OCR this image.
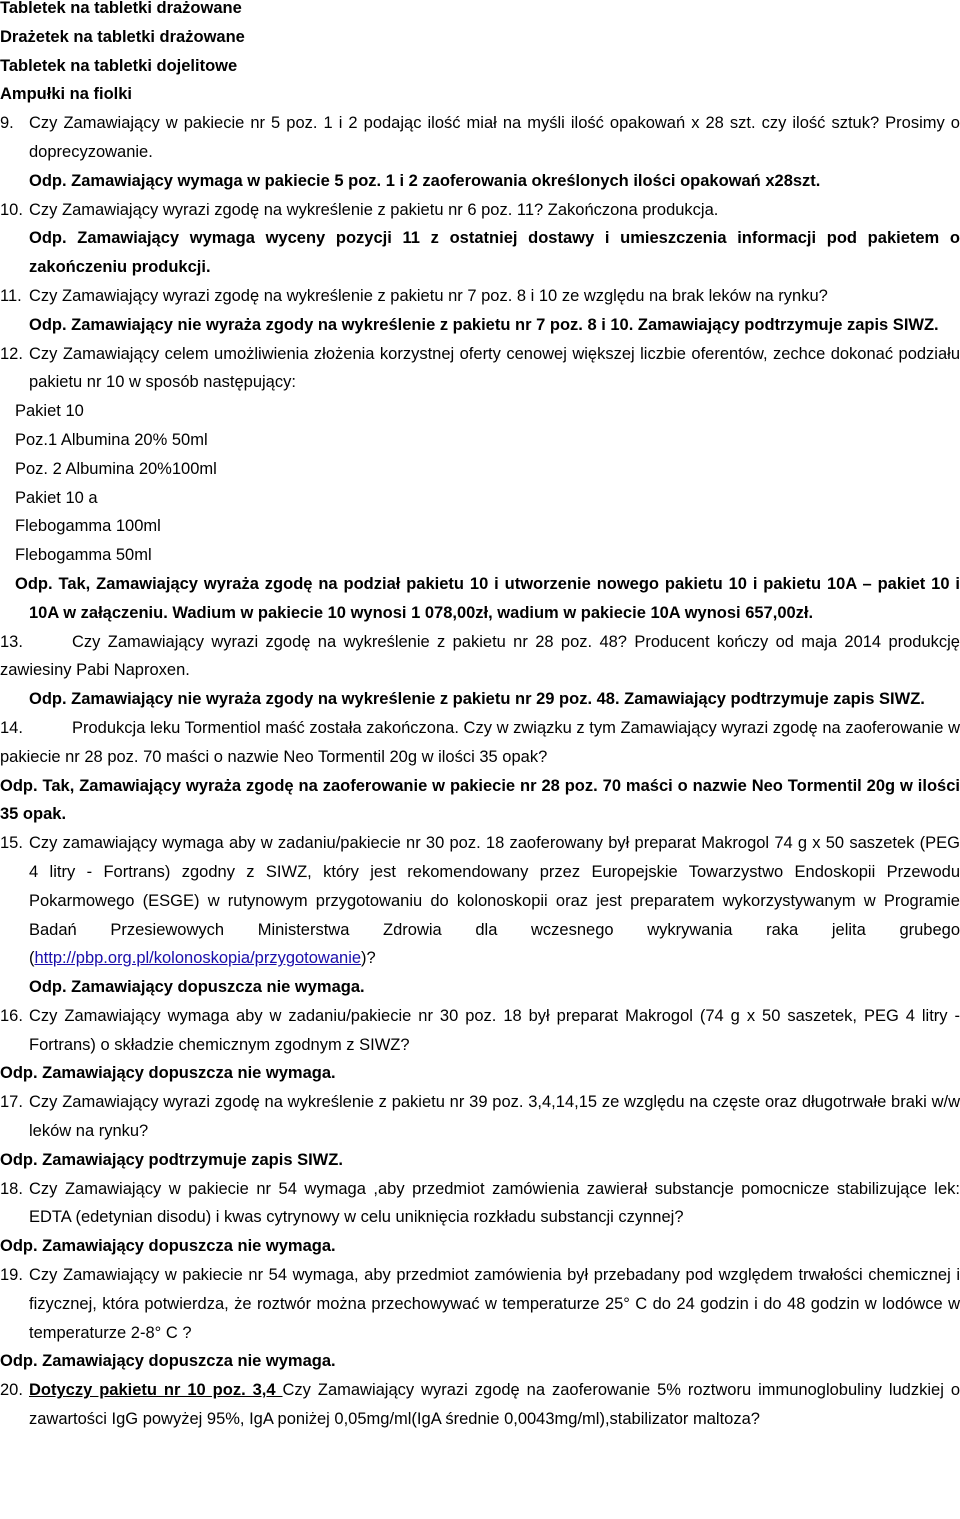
Tabletek na tabletki drażowane

Drażetek na tabletki drażowane

Tabletek na tabletki dojelitowe

Ampułki na fiolki

9. Czy Zamawiający w pakiecie nr 5 poz. 1 i 2 podając ilość miał na myśli ilość opakowań x 28 szt. czy ilość sztuk? Prosimy o doprecyzowanie.

Odp. Zamawiający wymaga w pakiecie 5 poz. 1 i 2 zaoferowania określonych ilości opakowań x28szt.

10. Czy Zamawiający wyrazi zgodę na wykreślenie z pakietu nr 6 poz. 11? Zakończona produkcja.

Odp. Zamawiający wymaga wyceny pozycji 11 z ostatniej dostawy i umieszczenia informacji pod pakietem o zakończeniu produkcji.

11. Czy Zamawiający wyrazi zgodę na wykreślenie z pakietu nr 7 poz. 8 i 10 ze względu na brak leków na rynku?

Odp. Zamawiający nie wyraża zgody na wykreślenie z pakietu nr 7 poz. 8 i 10. Zamawiający podtrzymuje zapis SIWZ.

12. Czy Zamawiający celem umożliwienia złożenia korzystnej oferty cenowej większej liczbie oferentów, zechce dokonać podziału pakietu nr 10 w sposób następujący:

Pakiet 10

Poz.1 Albumina 20% 50ml

Poz. 2 Albumina 20%100ml

Pakiet 10 a

Flebogamma 100ml

Flebogamma 50ml

Odp. Tak, Zamawiający wyraża zgodę na podział pakietu 10 i utworzenie nowego pakietu 10 i pakietu 10A – pakiet 10 i 10A w załączeniu. Wadium w pakiecie 10 wynosi 1 078,00zł, wadium w pakiecie 10A wynosi 657,00zł.

13.	Czy Zamawiający wyrazi zgodę na wykreślenie z pakietu nr 28 poz. 48? Producent kończy od maja 2014 produkcję zawiesiny Pabi Naproxen.

Odp. Zamawiający nie wyraża zgody na wykreślenie z pakietu nr 29 poz. 48. Zamawiający podtrzymuje zapis SIWZ.

14.	Produkcja leku Tormentiol maść została zakończona. Czy w związku z tym Zamawiający wyrazi zgodę na zaoferowanie w pakiecie nr 28 poz. 70 maści o nazwie Neo Tormentil 20g w ilości 35 opak?

Odp. Tak, Zamawiający wyraża zgodę na zaoferowanie w pakiecie nr 28 poz. 70 maści o nazwie Neo Tormentil 20g w ilości 35 opak.

15. Czy zamawiający wymaga aby w zadaniu/pakiecie nr 30 poz. 18 zaoferowany był preparat Makrogol 74 g x 50 saszetek (PEG 4 litry - Fortrans) zgodny z SIWZ, który jest rekomendowany przez Europejskie Towarzystwo Endoskopii Przewodu Pokarmowego (ESGE) w rutynowym przygotowaniu do kolonoskopii oraz jest preparatem wykorzystywanym w Programie Badań Przesiewowych Ministerstwa Zdrowia dla wczesnego wykrywania raka jelita grubego (http://pbp.org.pl/kolonoskopia/przygotowanie)?

Odp. Zamawiający dopuszcza nie wymaga.

16. Czy Zamawiający wymaga aby w zadaniu/pakiecie nr 30 poz. 18 był preparat Makrogol (74 g x 50 saszetek, PEG 4 litry - Fortrans) o składzie chemicznym zgodnym z SIWZ?

Odp. Zamawiający dopuszcza nie wymaga.

17. Czy Zamawiający wyrazi zgodę na wykreślenie z pakietu nr 39 poz. 3,4,14,15 ze względu na częste oraz długotrwałe braki w/w leków na rynku?

Odp. Zamawiający podtrzymuje zapis SIWZ.

18. Czy Zamawiający w pakiecie nr 54 wymaga ,aby przedmiot zamówienia zawierał substancje pomocnicze stabilizujące lek: EDTA (edetynian disodu) i kwas cytrynowy w celu uniknięcia rozkładu substancji czynnej?

Odp. Zamawiający dopuszcza nie wymaga.

19. Czy Zamawiający w pakiecie nr 54 wymaga, aby przedmiot zamówienia był przebadany pod względem trwałości chemicznej i fizycznej, która potwierdza, że roztwór można przechowywać w temperaturze 25° C do 24 godzin i do 48 godzin w lodówce w temperaturze 2-8° C ?

Odp. Zamawiający dopuszcza nie wymaga.

20. Dotyczy pakietu nr 10 poz. 3,4 Czy Zamawiający wyrazi zgodę na zaoferowanie 5% roztworu immunoglobuliny ludzkiej o zawartości IgG powyżej 95%, IgA poniżej 0,05mg/ml(IgA średnie 0,0043mg/ml),stabilizator maltoza?
